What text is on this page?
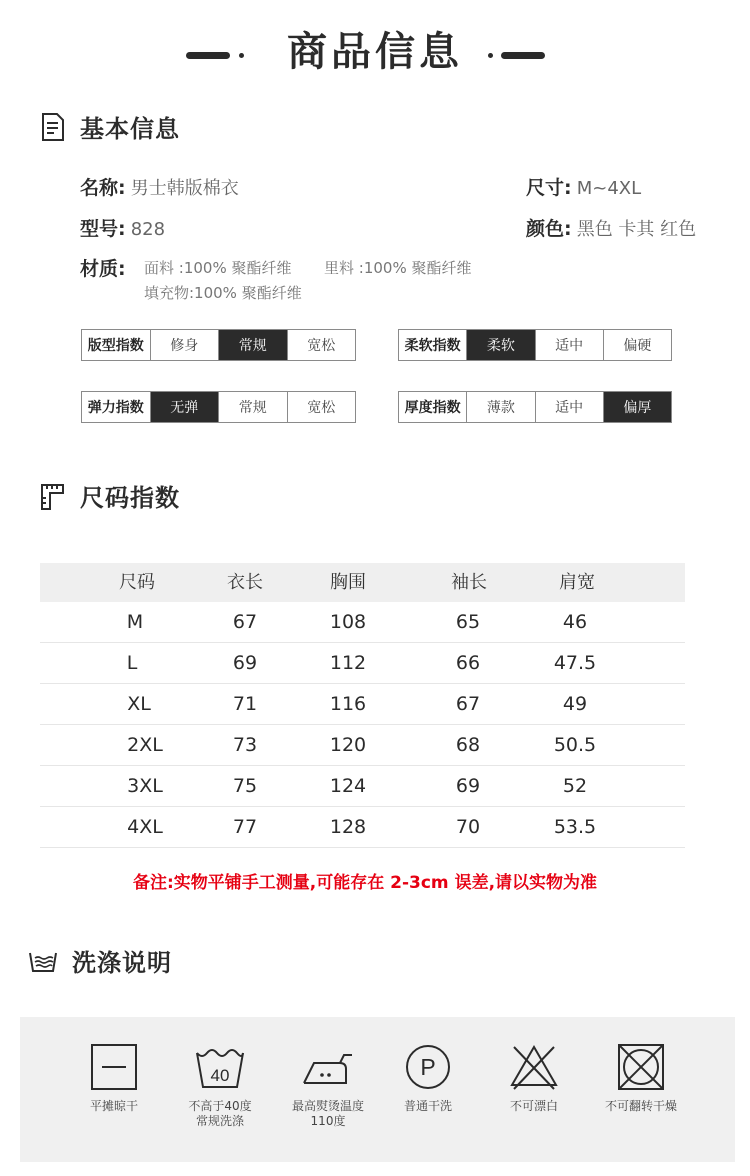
商品信息
基本信息
名称: 男士韩版棉衣	尺寸: M~4XL
型号: 828	颜色: 黑色 卡其 红色
材质: 面料 :100% 聚酯纤维 里料 :100% 聚酯纤维
填充物:100% 聚酯纤维
版型指数	修身	常规	宽松	柔软指数	柔软	适中	偏硬
弹力指数	无弹	常规	宽松	厚度指数	薄款	适中	偏厚
尺码指数
尺码	衣长	胸围	袖长	肩宽
M	67	108	65	46
L	69	112	66	47.5
XL	71	116	67	49
2XL	73	120	68	50.5
3XL	75	124	69	52
4XL	77	128	70	53.5
备注:实物平铺手工测量,可能存在 2-3cm 误差,请以实物为准
洗涤说明
平摊晾干
40
不高于40度
常规洗涤
最高熨烫温度
110度
P
普通干洗	不可漂白	不可翻转干燥
